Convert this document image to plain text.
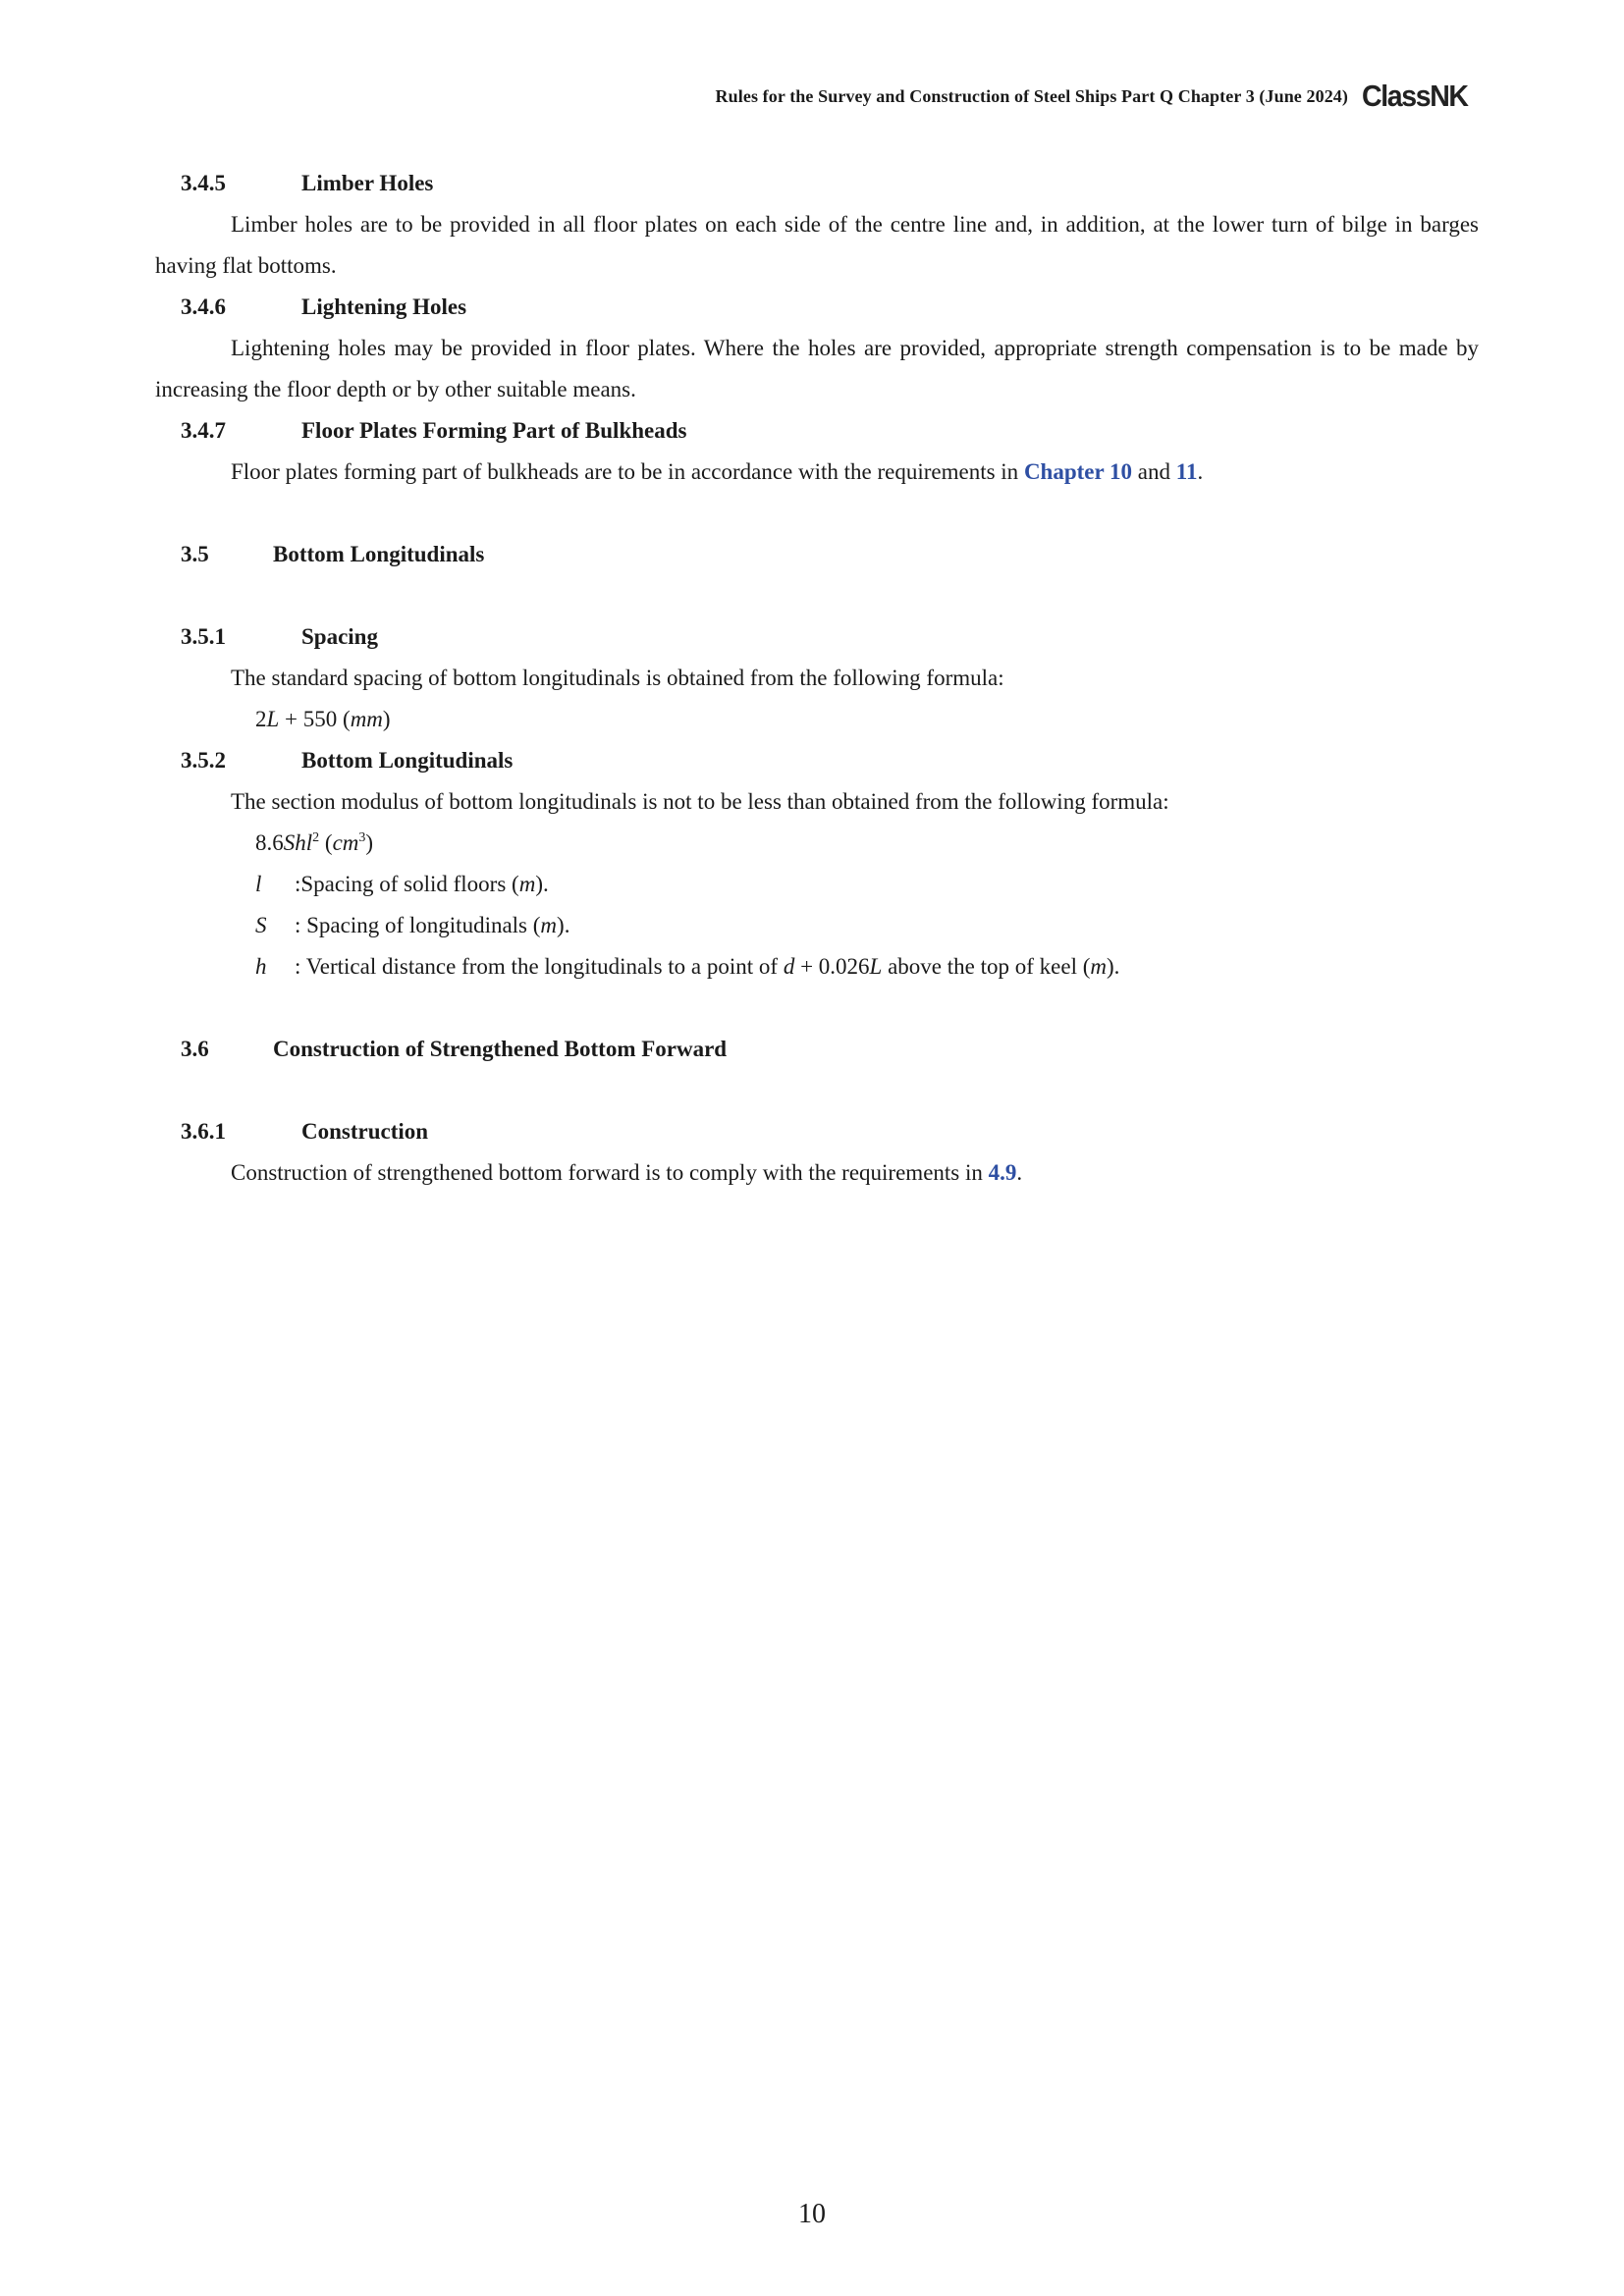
Rules for the Survey and Construction of Steel Ships Part Q Chapter 3 (June 2024) ClassNK
3.4.5	Limber Holes
Limber holes are to be provided in all floor plates on each side of the centre line and, in addition, at the lower turn of bilge in barges having flat bottoms.
3.4.6	Lightening Holes
Lightening holes may be provided in floor plates. Where the holes are provided, appropriate strength compensation is to be made by increasing the floor depth or by other suitable means.
3.4.7	Floor Plates Forming Part of Bulkheads
Floor plates forming part of bulkheads are to be in accordance with the requirements in Chapter 10 and 11.
3.5	Bottom Longitudinals
3.5.1	Spacing
The standard spacing of bottom longitudinals is obtained from the following formula:
2L + 550 (mm)
3.5.2	Bottom Longitudinals
The section modulus of bottom longitudinals is not to be less than obtained from the following formula:
8.6Shl$^2$ $(cm^3)$
l	:Spacing of solid floors (m).
S	: Spacing of longitudinals (m).
h	: Vertical distance from the longitudinals to a point of d + 0.026L above the top of keel (m).
3.6	Construction of Strengthened Bottom Forward
3.6.1	Construction
Construction of strengthened bottom forward is to comply with the requirements in 4.9.
10
